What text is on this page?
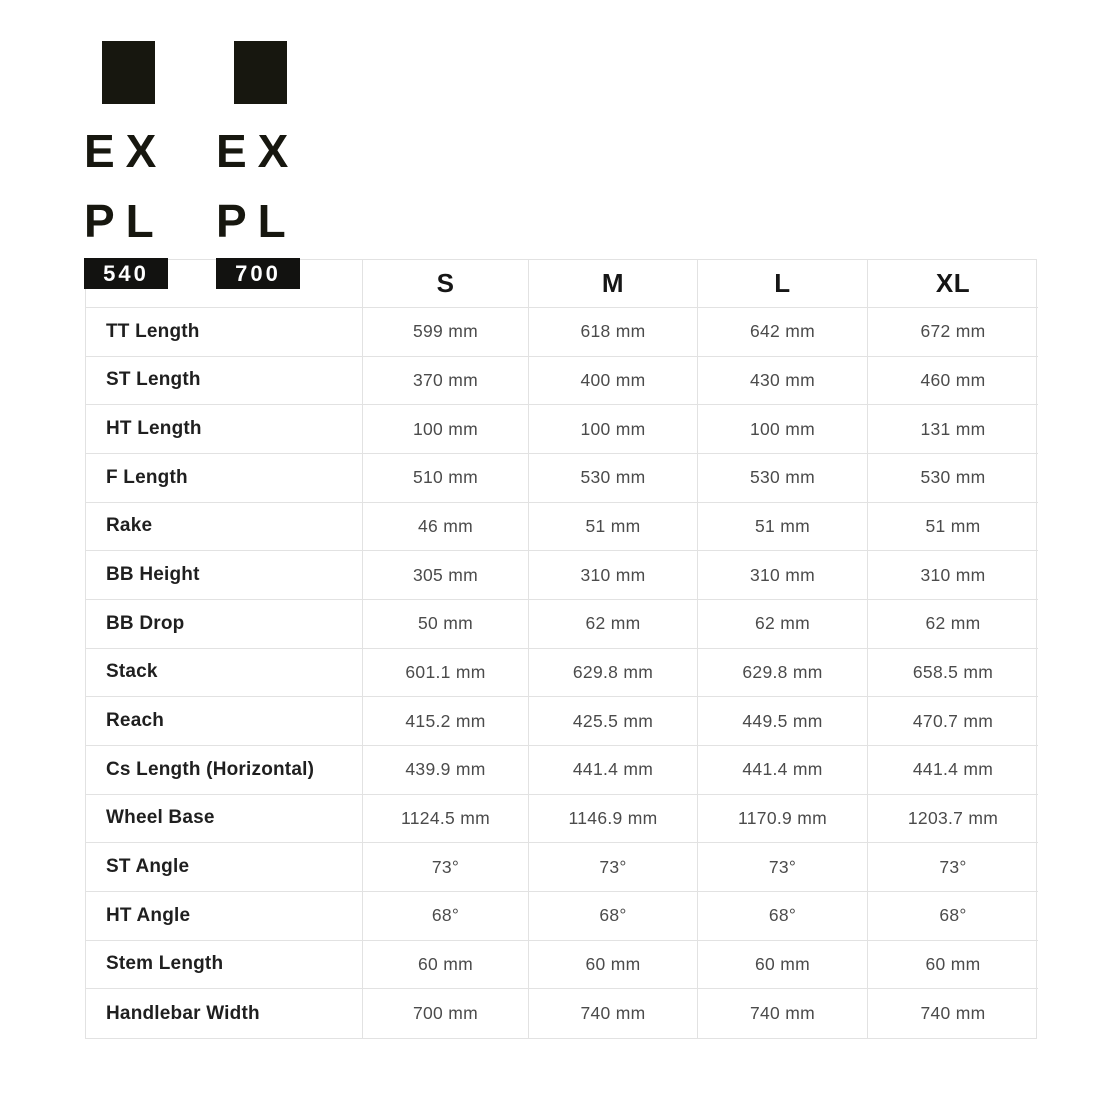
EX
PL
540
EX
PL
700	S	M	L	XL
TT Length	599 mm	618 mm	642 mm	672 mm
ST Length	370 mm	400 mm	430 mm	460 mm
HT Length	100 mm	100 mm	100 mm	131 mm
F Length	510 mm	530 mm	530 mm	530 mm
Rake	46 mm	51 mm	51 mm	51 mm
BB Height	305 mm	310 mm	310 mm	310 mm
BB Drop	50 mm	62 mm	62 mm	62 mm
Stack	601.1 mm	629.8 mm	629.8 mm	658.5 mm
Reach	415.2 mm	425.5 mm	449.5 mm	470.7 mm
Cs Length (Horizontal)	439.9 mm	441.4 mm	441.4 mm	441.4 mm
Wheel Base	1124.5 mm	1146.9 mm	1170.9 mm	1203.7 mm
ST Angle	73°	73°	73°	73°
HT Angle	68°	68°	68°	68°
Stem Length	60 mm	60 mm	60 mm	60 mm
Handlebar Width	700 mm	740 mm	740 mm	740 mm
